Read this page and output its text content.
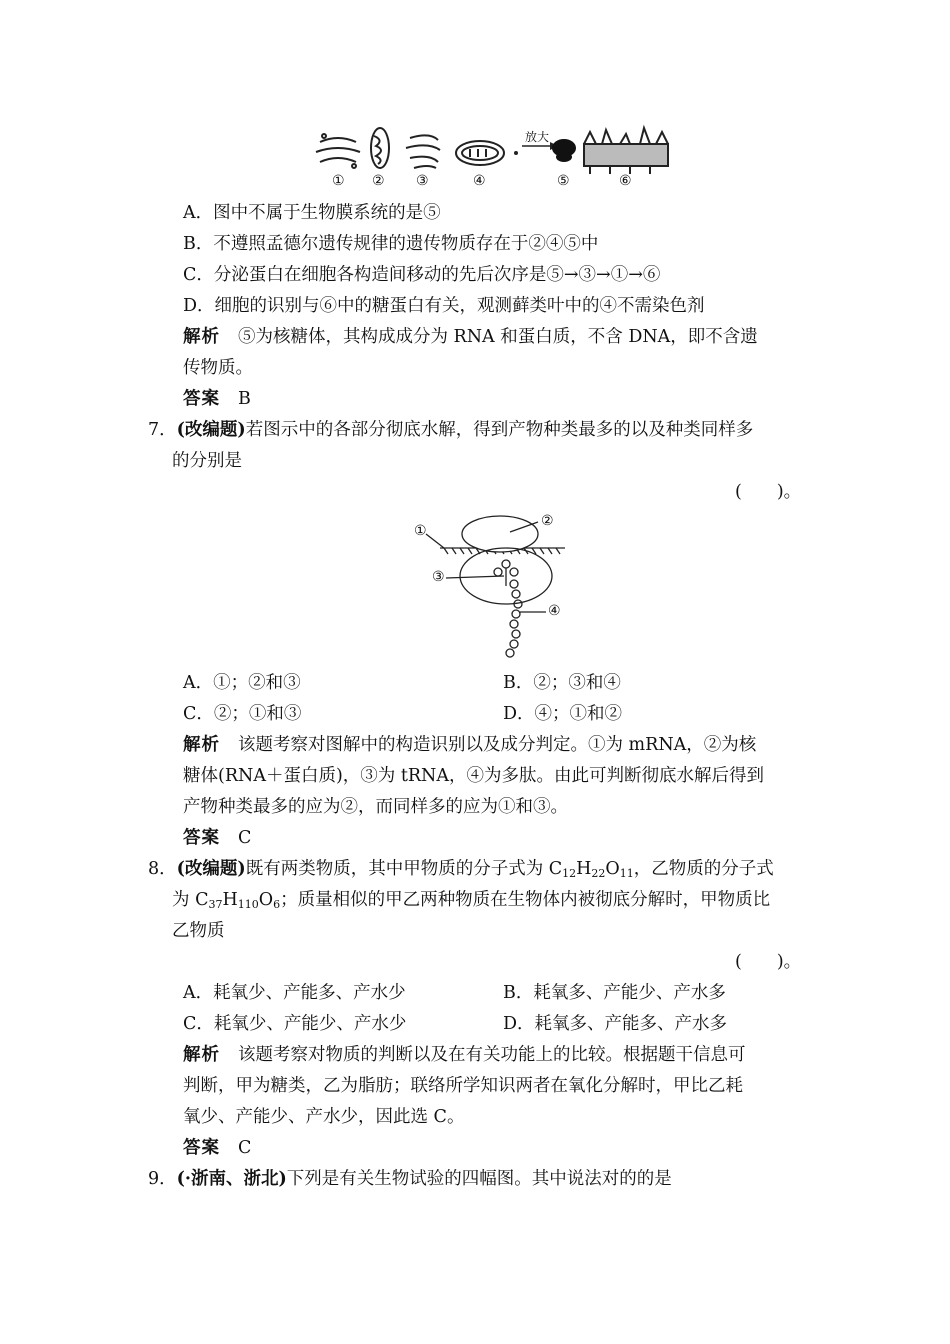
放大
① ② ③	④	⑤	⑥
A．图中不属于生物膜系统的是⑤
B．不遵照孟德尔遗传规律的遗传物质存在于②④⑤中
C．分泌蛋白在细胞各构造间移动的先后次序是⑤→③→①→⑥
D．细胞的识别与⑥中的糖蛋白有关，观测藓类叶中的④不需染色剂
解析 ⑤为核糖体，其构成成分为 RNA 和蛋白质，不含 DNA，即不含遗
传物质。
答案 B
7．(改编题)若图示中的各部分彻底水解，得到产物种类最多的以及种类同样多
的分别是
(　　)。
①
②
③
④
A．①；②和③	B．②；③和④
C．②；①和③	D．④；①和②
解析 该题考察对图解中的构造识别以及成分判定。①为 mRNA，②为核
糖体(RNA＋蛋白质)，③为 tRNA，④为多肽。由此可判断彻底水解后得到
产物种类最多的应为②，而同样多的应为①和③。
答案 C
8．(改编题)既有两类物质，其中甲物质的分子式为 $C_{12}H_{22}O_{11}$，乙物质的分子式
为 $C_{37}H_{110}O_6$；质量相似的甲乙两种物质在生物体内被彻底分解时，甲物质比
乙物质
(　　)。
A．耗氧少、产能多、产水少	B．耗氧多、产能少、产水多
C．耗氧少、产能少、产水少	D．耗氧多、产能多、产水多
解析 该题考察对物质的判断以及在有关功能上的比较。根据题干信息可
判断，甲为糖类，乙为脂肪；联络所学知识两者在氧化分解时，甲比乙耗
氧少、产能少、产水少，因此选 C。
答案 C
9．(·浙南、浙北)下列是有关生物试验的四幅图。其中说法对的的是
